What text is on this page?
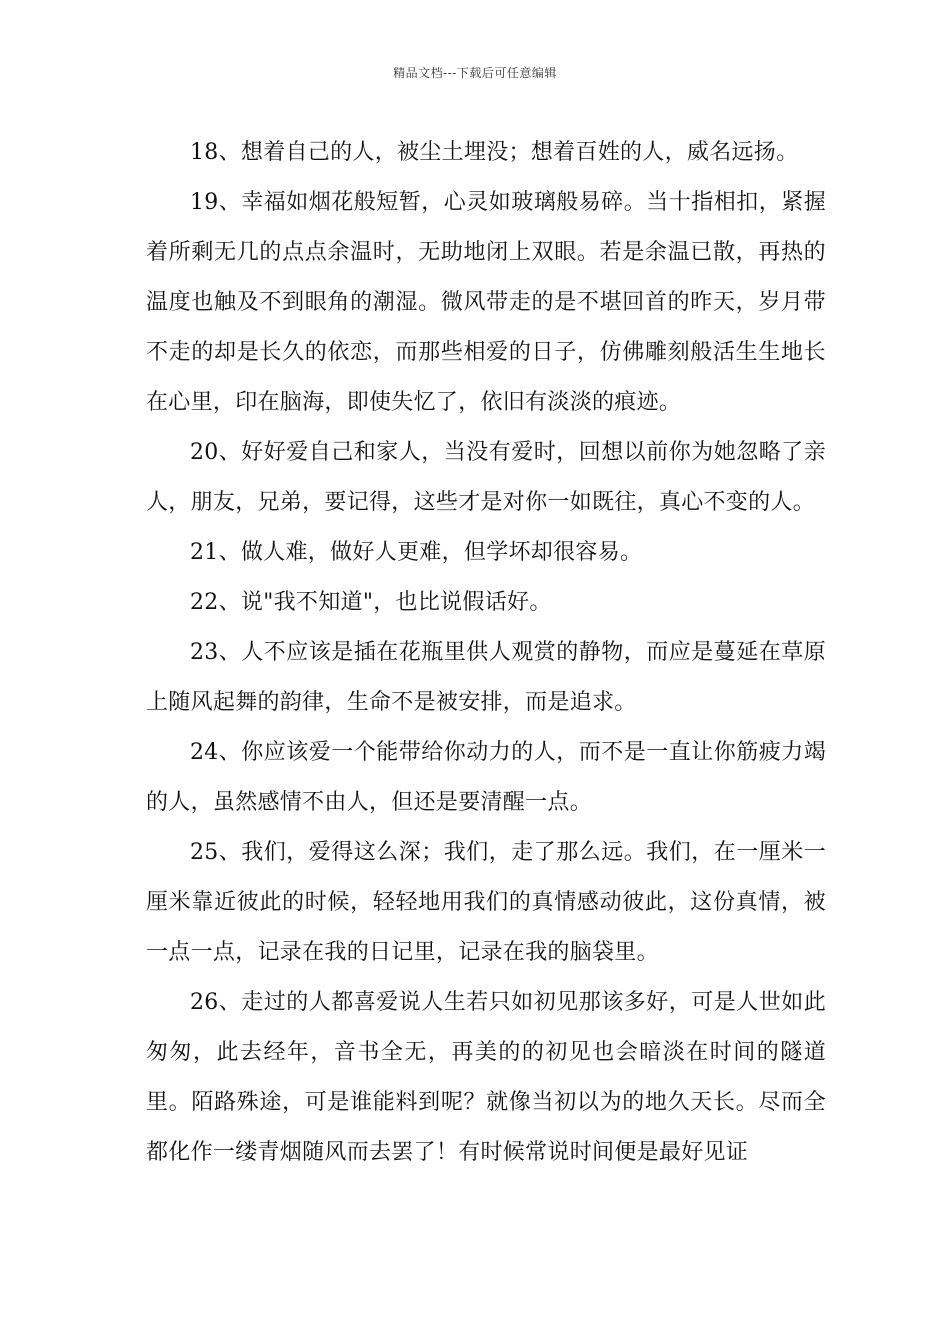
精品文档---下载后可任意编辑

18、想着自己的人，被尘土埋没；想着百姓的人，威名远扬。

19、幸福如烟花般短暂，心灵如玻璃般易碎。当十指相扣，紧握着所剩无几的点点余温时，无助地闭上双眼。若是余温已散，再热的温度也触及不到眼角的潮湿。微风带走的是不堪回首的昨天，岁月带不走的却是长久的依恋，而那些相爱的日子，仿佛雕刻般活生生地长在心里，印在脑海，即使失忆了，依旧有淡淡的痕迹。

20、好好爱自己和家人，当没有爱时，回想以前你为她忽略了亲人，朋友，兄弟，要记得，这些才是对你一如既往，真心不变的人。

21、做人难，做好人更难，但学坏却很容易。

22、说"我不知道"，也比说假话好。

23、人不应该是插在花瓶里供人观赏的静物，而应是蔓延在草原上随风起舞的韵律，生命不是被安排，而是追求。

24、你应该爱一个能带给你动力的人，而不是一直让你筋疲力竭的人，虽然感情不由人，但还是要清醒一点。

25、我们，爱得这么深；我们，走了那么远。我们，在一厘米一厘米靠近彼此的时候，轻轻地用我们的真情感动彼此，这份真情，被一点一点，记录在我的日记里，记录在我的脑袋里。

26、走过的人都喜爱说人生若只如初见那该多好，可是人世如此匆匆，此去经年，音书全无，再美的的初见也会暗淡在时间的隧道里。陌路殊途，可是谁能料到呢？就像当初以为的地久天长。尽而全都化作一缕青烟随风而去罢了！有时候常说时间便是最好见证
